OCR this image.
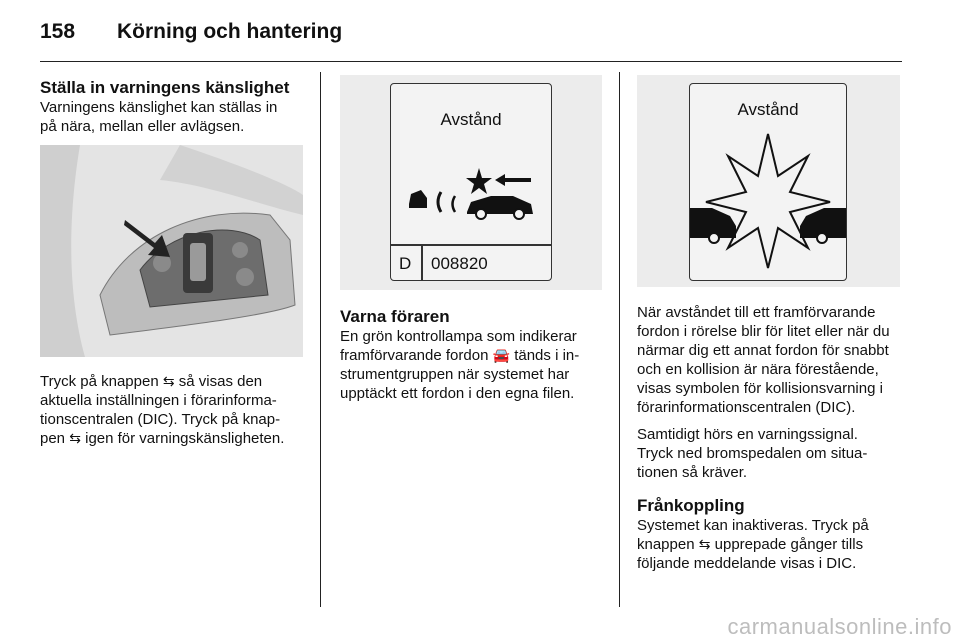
158 Körning och hantering
Ställa in varningens känslighet

Varningens känslighet kan ställas in

på nära, mellan eller avlägsen.

Tryck på knappen ⇆ så visas den

aktuella inställningen i förarinforma-

tionscentralen (DIC). Tryck på knap-

pen ⇆ igen för varningskänsligheten.

Avstånd
D 008820
Varna föraren

En grön kontrollampa som indikerar

framförvarande fordon 🚘 tänds i in-

strumentgruppen när systemet har

upptäckt ett fordon i den egna filen.

Avstånd

När avståndet till ett framförvarande

fordon i rörelse blir för litet eller när du

närmar dig ett annat fordon för snabbt

och en kollision är nära förestående,

visas symbolen för kollisionsvarning i

förarinformationscentralen (DIC).

Samtidigt hörs en varningssignal.

Tryck ned bromspedalen om situa-

tionen så kräver.

Frånkoppling

Systemet kan inaktiveras. Tryck på

knappen ⇆ upprepade gånger tills

följande meddelande visas i DIC.

carmanualsonline.info
